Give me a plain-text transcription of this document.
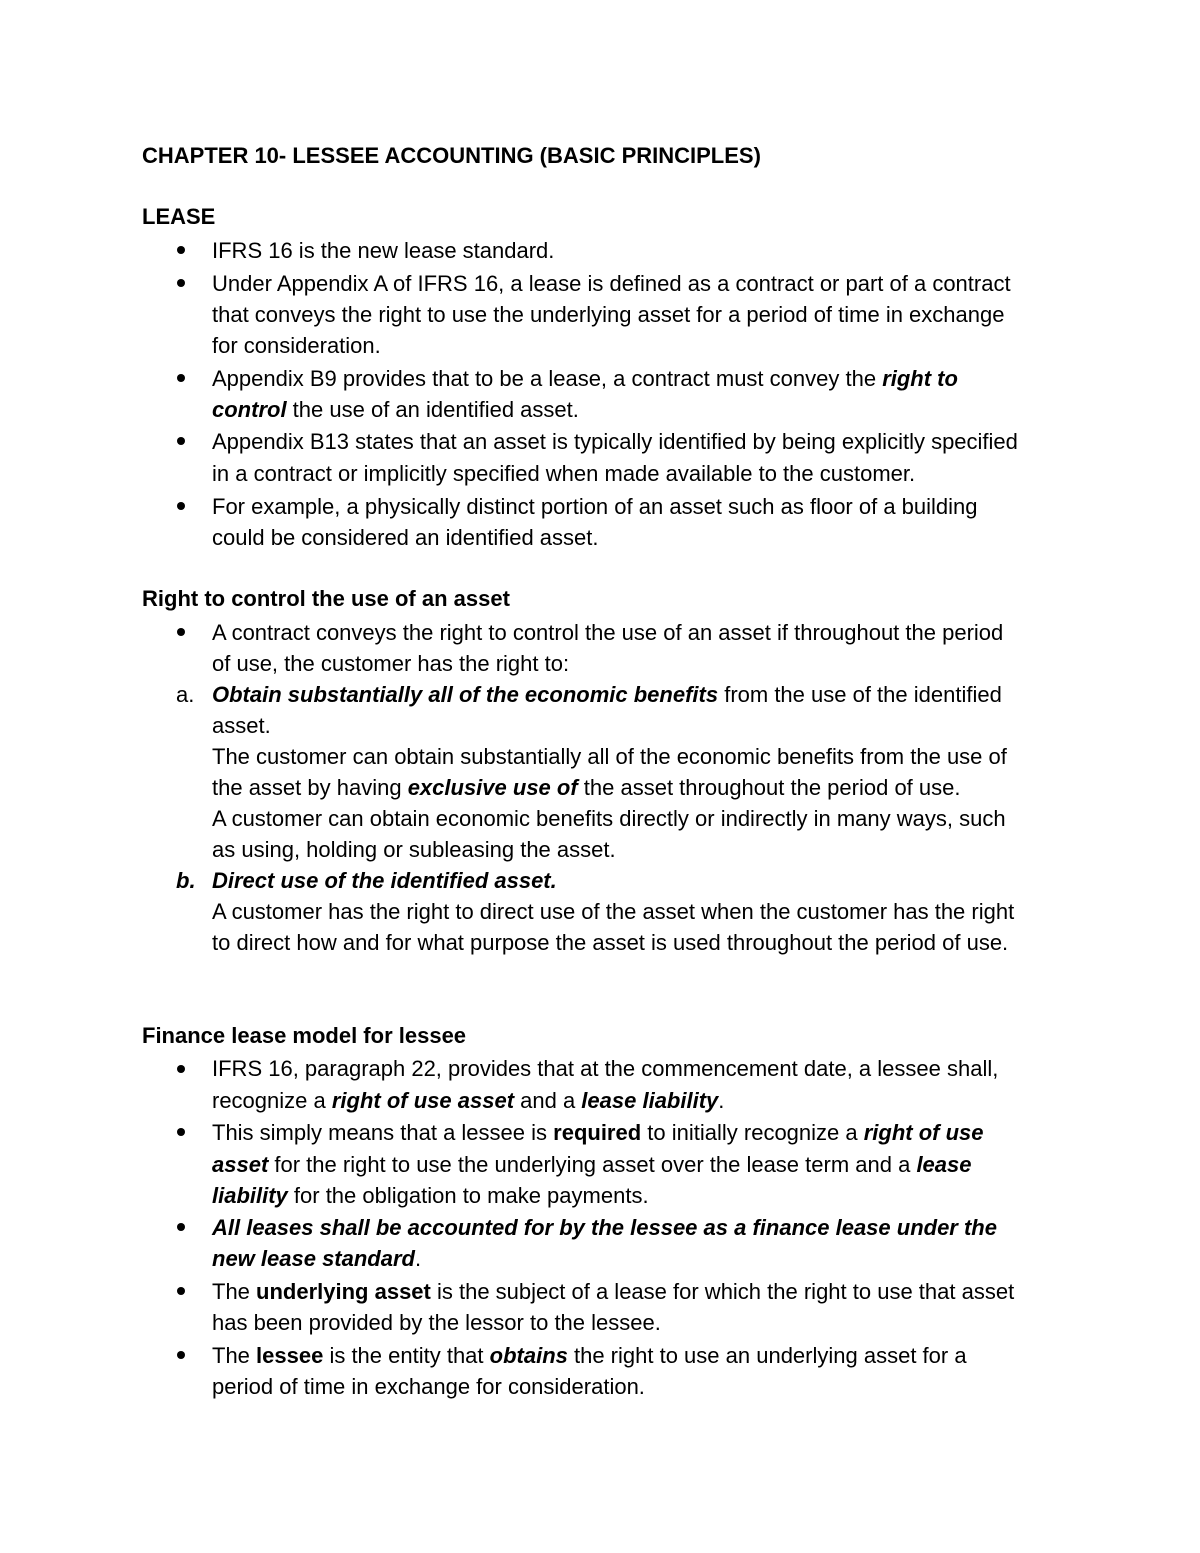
CHAPTER 10- LESSEE ACCOUNTING (BASIC PRINCIPLES)
LEASE
IFRS 16 is the new lease standard.
Under Appendix A of IFRS 16, a lease is defined as a contract or part of a contract
that conveys the right to use the underlying asset for a period of time in exchange
for consideration.
Appendix B9 provides that to be a lease, a contract must convey the right to
control the use of an identified asset.
Appendix B13 states that an asset is typically identified by being explicitly specified
in a contract or implicitly specified when made available to the customer.
For example, a physically distinct portion of an asset such as floor of a building
could be considered an identified asset.
Right to control the use of an asset
A contract conveys the right to control the use of an asset if throughout the period
of use, the customer has the right to:
a. Obtain substantially all of the economic benefits from the use of the identified
asset.
The customer can obtain substantially all of the economic benefits from the use of
the asset by having exclusive use of the asset throughout the period of use.
A customer can obtain economic benefits directly or indirectly in many ways, such
as using, holding or subleasing the asset.
b. Direct use of the identified asset.
A customer has the right to direct use of the asset when the customer has the right
to direct how and for what purpose the asset is used throughout the period of use.
Finance lease model for lessee
IFRS 16, paragraph 22, provides that at the commencement date, a lessee shall,
recognize a right of use asset and a lease liability.
This simply means that a lessee is required to initially recognize a right of use
asset for the right to use the underlying asset over the lease term and a lease
liability for the obligation to make payments.
All leases shall be accounted for by the lessee as a finance lease under the
new lease standard.
The underlying asset is the subject of a lease for which the right to use that asset
has been provided by the lessor to the lessee.
The lessee is the entity that obtains the right to use an underlying asset for a
period of time in exchange for consideration.
